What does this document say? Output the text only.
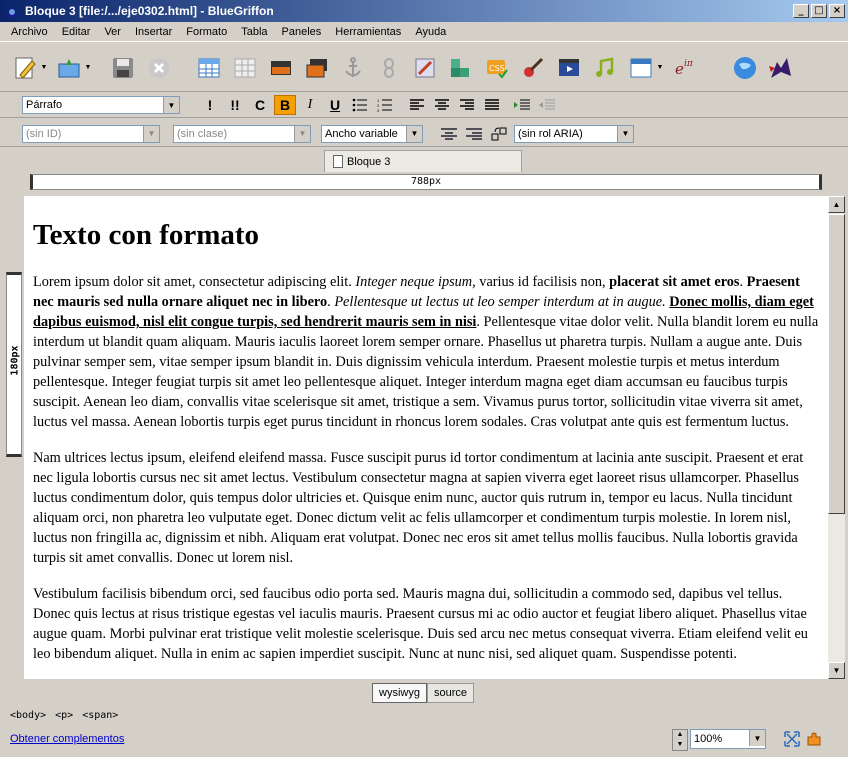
Bloque 3 [file:/.../eje0302.html] - BlueGriffon	_	□ ×
Archivo	Editar	Ver	Insertar	Formato	Tabla	Paneles	Herramientas	Ayuda
▼	▼	CSS	▼ e iπ
Párrafo	▼	!	!!	C	B	I	U	1
2
3
(sin ID)	▼	(sin clase)	▼	Ancho variable	▼	(sin rol ARIA)	▼
Bloque 3
788px
180px
Texto con formato

Lorem ipsum dolor sit amet, consectetur adipiscing elit. Integer neque ipsum, varius id facilisis non, placerat sit amet eros. Praesent nec mauris sed nulla ornare aliquet nec in libero. Pellentesque ut lectus ut leo semper interdum at in augue. Donec mollis, diam eget dapibus euismod, nisl elit congue turpis, sed hendrerit mauris sem in nisi. Pellentesque vitae dolor velit. Nulla blandit lorem eu nulla interdum ut blandit quam aliquam. Mauris iaculis laoreet lorem semper ornare. Phasellus ut pharetra turpis. Nullam a augue ante. Duis pulvinar semper sem, vitae semper ipsum blandit in. Duis dignissim vehicula interdum. Praesent molestie turpis et metus interdum pellentesque. Integer feugiat turpis sit amet leo pellentesque aliquet. Integer interdum magna eget diam accumsan eu faucibus turpis suscipit. Aenean leo diam, convallis vitae scelerisque sit amet, tristique a sem. Vivamus purus tortor, sollicitudin vitae viverra sit amet, luctus vel massa. Aenean lobortis turpis eget purus tincidunt in rhoncus lorem sodales. Cras volutpat ante quis est fermentum luctus.

Nam ultrices lectus ipsum, eleifend eleifend massa. Fusce suscipit purus id tortor condimentum at lacinia ante suscipit. Praesent et erat nec ligula lobortis cursus nec sit amet lectus. Vestibulum consectetur magna at sapien viverra eget laoreet risus ullamcorper. Phasellus luctus condimentum dolor, quis tempus dolor ultricies et. Quisque enim nunc, auctor quis rutrum in, tempor eu lacus. Nulla tincidunt aliquam orci, non pharetra leo vulputate eget. Donec dictum velit ac felis ullamcorper et condimentum turpis molestie. In lorem nisl, luctus non fringilla ac, dignissim et nibh. Aliquam erat volutpat. Donec nec eros sit amet tellus mollis faucibus. Nulla lobortis gravida turpis sit amet convallis. Donec ut lorem nisl.

Vestibulum facilisis bibendum orci, sed faucibus odio porta sed. Mauris magna dui, sollicitudin a commodo sed, dapibus vel tellus. Donec quis lectus at risus tristique egestas vel iaculis mauris. Praesent cursus mi ac odio auctor et feugiat libero aliquet. Phasellus vitae augue quam. Morbi pulvinar erat tristique velit molestie scelerisque. Duis sed arcu nec metus consequat viverra. Etiam eleifend velit eu leo bibendum aliquet. Nulla in enim ac sapien imperdiet suscipit. Nunc at nunc nisi, sed aliquet quam. Suspendisse potenti.

▲
▼
wysiwyg	source
<body> <p> <span>
Obtener complementos	▲
▼ 100%	▼
